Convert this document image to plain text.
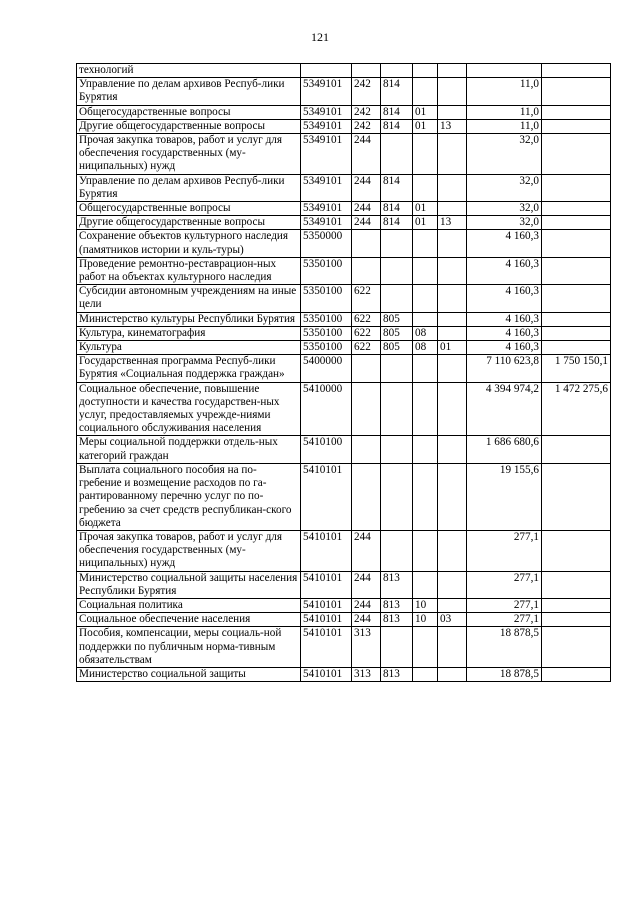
121
технологий							
Управление по делам архивов Респуб-лики Бурятия	5349101	242	814			11,0	
Общегосударственные вопросы	5349101	242	814	01		11,0	
Другие общегосударственные вопросы	5349101	242	814	01	13	11,0	
Прочая закупка товаров, работ и услуг для обеспечения государственных (му-ниципальных) нужд	5349101	244				32,0	
Управление по делам архивов Респуб-лики Бурятия	5349101	244	814			32,0	
Общегосударственные вопросы	5349101	244	814	01		32,0	
Другие общегосударственные вопросы	5349101	244	814	01	13	32,0	
Сохранение объектов культурного наследия (памятников истории и куль-туры)	5350000					4 160,3	
Проведение ремонтно-реставрацион-ных работ на объектах культурного наследия	5350100					4 160,3	
Субсидии автономным учреждениям на иные цели	5350100	622				4 160,3	
Министерство культуры Республики Бурятия	5350100	622	805			4 160,3	
Культура, кинематография	5350100	622	805	08		4 160,3	
Культура	5350100	622	805	08	01	4 160,3	
Государственная программа Респуб-лики Бурятия «Социальная поддержка граждан»	5400000					7 110 623,8	1 750 150,1
Социальное обеспечение, повышение доступности и качества государствен-ных услуг, предоставляемых учрежде-ниями социального обслуживания населения	5410000					4 394 974,2	1 472 275,6
Меры социальной поддержки отдель-ных категорий граждан	5410100					1 686 680,6	
Выплата социального пособия на по-гребение и возмещение расходов по га-рантированному перечню услуг по по-гребению за счет средств республикан-ского бюджета	5410101					19 155,6	
Прочая закупка товаров, работ и услуг для обеспечения государственных (му-ниципальных) нужд	5410101	244				277,1	
Министерство социальной защиты населения Республики Бурятия	5410101	244	813			277,1	
Социальная политика	5410101	244	813	10		277,1	
Социальное обеспечение населения	5410101	244	813	10	03	277,1	
Пособия, компенсации, меры социаль-ной поддержки по публичным норма-тивным обязательствам	5410101	313				18 878,5	
Министерство социальной защиты	5410101	313	813			18 878,5	
